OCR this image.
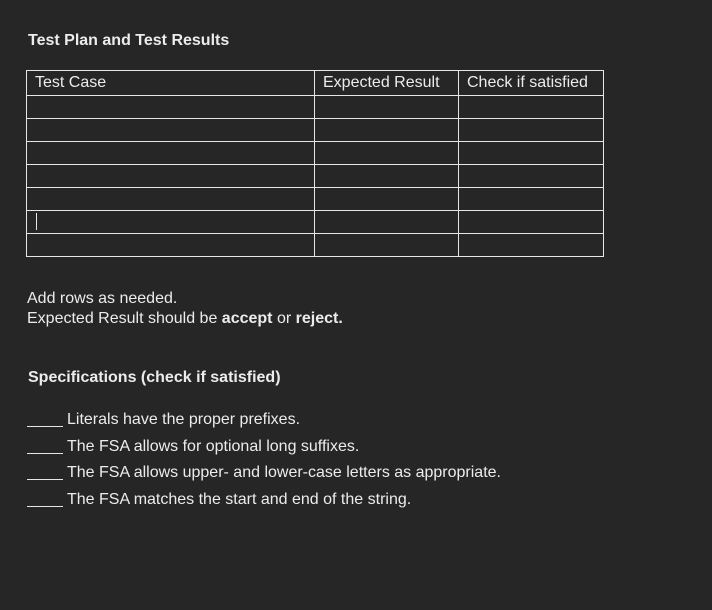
Test Plan and Test Results
Test Case	Expected Result	Check if satisfied

Add rows as needed.
Expected Result should be accept or reject.
Specifications (check if satisfied)
Literals have the proper prefixes.
The FSA allows for optional long suffixes.
The FSA allows upper- and lower-case letters as appropriate.
The FSA matches the start and end of the string.
